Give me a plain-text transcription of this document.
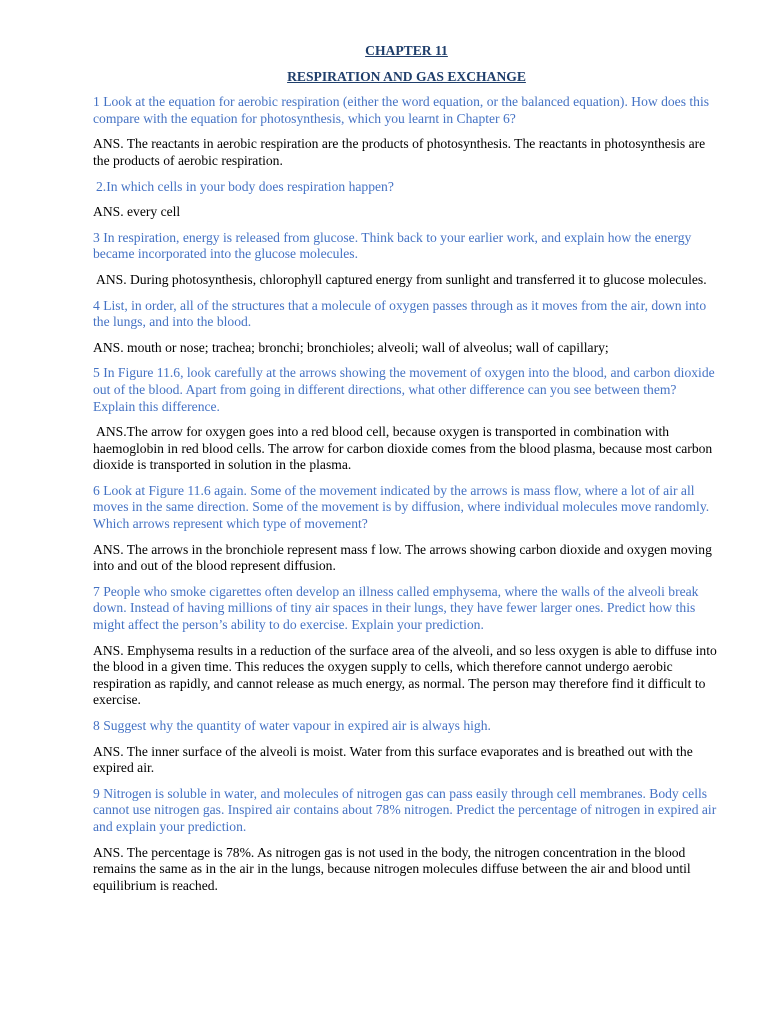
CHAPTER 11

RESPIRATION AND GAS EXCHANGE

1 Look at the equation for aerobic respiration (either the word equation, or the balanced equation). How does this compare with the equation for photosynthesis, which you learnt in Chapter 6?

ANS. The reactants in aerobic respiration are the products of photosynthesis. The reactants in photosynthesis are the products of aerobic respiration.

2.In which cells in your body does respiration happen?

ANS. every cell

3 In respiration, energy is released from glucose. Think back to your earlier work, and explain how the energy became incorporated into the glucose molecules.

ANS. During photosynthesis, chlorophyll captured energy from sunlight and transferred it to glucose molecules.

4 List, in order, all of the structures that a molecule of oxygen passes through as it moves from the air, down into the lungs, and into the blood.

ANS. mouth or nose; trachea; bronchi; bronchioles; alveoli; wall of alveolus; wall of capillary;

5 In Figure 11.6, look carefully at the arrows showing the movement of oxygen into the blood, and carbon dioxide out of the blood. Apart from going in different directions, what other difference can you see between them? Explain this difference.

ANS.The arrow for oxygen goes into a red blood cell, because oxygen is transported in combination with haemoglobin in red blood cells. The arrow for carbon dioxide comes from the blood plasma, because most carbon dioxide is transported in solution in the plasma.

6 Look at Figure 11.6 again. Some of the movement indicated by the arrows is mass flow, where a lot of air all moves in the same direction. Some of the movement is by diffusion, where individual molecules move randomly. Which arrows represent which type of movement?

ANS. The arrows in the bronchiole represent mass f low. The arrows showing carbon dioxide and oxygen moving into and out of the blood represent diffusion.

7 People who smoke cigarettes often develop an illness called emphysema, where the walls of the alveoli break down. Instead of having millions of tiny air spaces in their lungs, they have fewer larger ones. Predict how this might affect the person’s ability to do exercise. Explain your prediction.

ANS. Emphysema results in a reduction of the surface area of the alveoli, and so less oxygen is able to diffuse into the blood in a given time. This reduces the oxygen supply to cells, which therefore cannot undergo aerobic respiration as rapidly, and cannot release as much energy, as normal. The person may therefore find it difficult to exercise.

8 Suggest why the quantity of water vapour in expired air is always high.

ANS. The inner surface of the alveoli is moist. Water from this surface evaporates and is breathed out with the expired air.

9 Nitrogen is soluble in water, and molecules of nitrogen gas can pass easily through cell membranes. Body cells cannot use nitrogen gas. Inspired air contains about 78% nitrogen. Predict the percentage of nitrogen in expired air and explain your prediction.

ANS. The percentage is 78%. As nitrogen gas is not used in the body, the nitrogen concentration in the blood remains the same as in the air in the lungs, because nitrogen molecules diffuse between the air and blood until equilibrium is reached.
